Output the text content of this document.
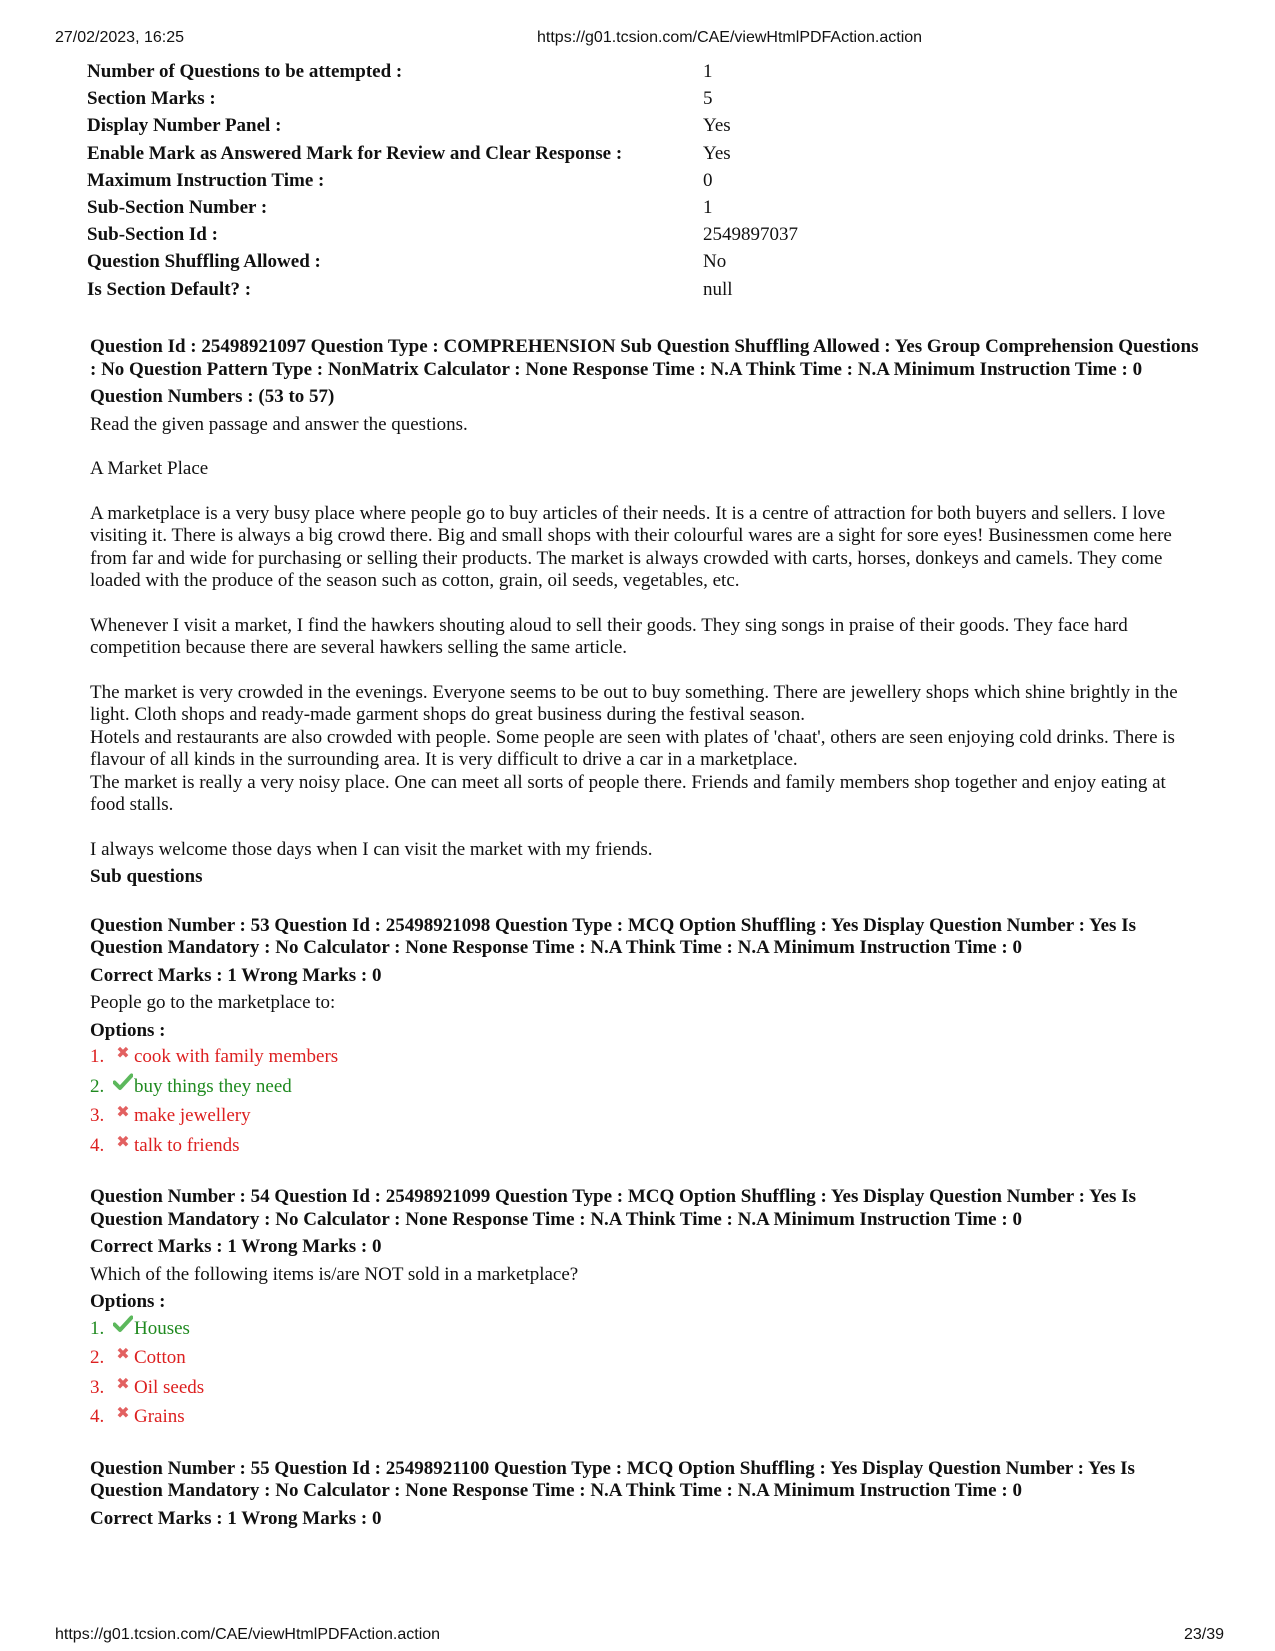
27/02/2023, 16:25	https://g01.tcsion.com/CAE/viewHtmlPDFAction.action
Number of Questions to be attempted :	1
Section Marks :	5
Display Number Panel :	Yes
Enable Mark as Answered Mark for Review and Clear Response :	Yes
Maximum Instruction Time :	0
Sub-Section Number :	1
Sub-Section Id :	2549897037
Question Shuffling Allowed :	No
Is Section Default? :	null

Question Id : 25498921097 Question Type : COMPREHENSION Sub Question Shuffling Allowed : Yes Group Comprehension Questions : No Question Pattern Type : NonMatrix Calculator : None Response Time : N.A Think Time : N.A Minimum Instruction Time : 0

Question Numbers : (53 to 57)

Read the given passage and answer the questions.

A Market Place

A marketplace is a very busy place where people go to buy articles of their needs. It is a centre of attraction for both buyers and sellers. I love visiting it. There is always a big crowd there. Big and small shops with their colourful wares are a sight for sore eyes! Businessmen come here from far and wide for purchasing or selling their products. The market is always crowded with carts, horses, donkeys and camels. They come loaded with the produce of the season such as cotton, grain, oil seeds, vegetables, etc.

Whenever I visit a market, I find the hawkers shouting aloud to sell their goods. They sing songs in praise of their goods. They face hard competition because there are several hawkers selling the same article.

The market is very crowded in the evenings. Everyone seems to be out to buy something. There are jewellery shops which shine brightly in the light. Cloth shops and ready-made garment shops do great business during the festival season.

Hotels and restaurants are also crowded with people. Some people are seen with plates of 'chaat', others are seen enjoying cold drinks. There is flavour of all kinds in the surrounding area. It is very difficult to drive a car in a marketplace.

The market is really a very noisy place. One can meet all sorts of people there. Friends and family members shop together and enjoy eating at food stalls.

I always welcome those days when I can visit the market with my friends.

Sub questions

Question Number : 53 Question Id : 25498921098 Question Type : MCQ Option Shuffling : Yes Display Question Number : Yes Is Question Mandatory : No Calculator : None Response Time : N.A Think Time : N.A Minimum Instruction Time : 0

Correct Marks : 1 Wrong Marks : 0

People go to the marketplace to:

Options :

1. ✖ cook with family members
2.	buy things they need
3. ✖ make jewellery
4. ✖ talk to friends

Question Number : 54 Question Id : 25498921099 Question Type : MCQ Option Shuffling : Yes Display Question Number : Yes Is Question Mandatory : No Calculator : None Response Time : N.A Think Time : N.A Minimum Instruction Time : 0

Correct Marks : 1 Wrong Marks : 0

Which of the following items is/are NOT sold in a marketplace?

Options :

1.	Houses
2. ✖ Cotton
3. ✖ Oil seeds
4. ✖ Grains

Question Number : 55 Question Id : 25498921100 Question Type : MCQ Option Shuffling : Yes Display Question Number : Yes Is Question Mandatory : No Calculator : None Response Time : N.A Think Time : N.A Minimum Instruction Time : 0

Correct Marks : 1 Wrong Marks : 0

https://g01.tcsion.com/CAE/viewHtmlPDFAction.action	23/39
